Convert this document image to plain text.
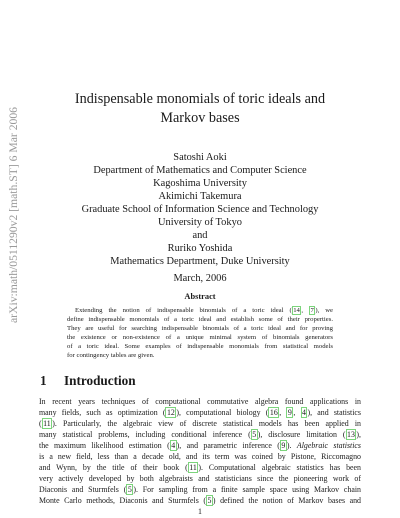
arXiv:math/0511290v2 [math.ST] 6 Mar 2006
Indispensable monomials of toric ideals and
Markov bases
Satoshi Aoki
Department of Mathematics and Computer Science
Kagoshima University
Akimichi Takemura
Graduate School of Information Science and Technology
University of Tokyo
and
Ruriko Yoshida
Mathematics Department, Duke University
March, 2006
Abstract
Extending the notion of indispensable binomials of a toric ideal ( 14 , 7 ), we
define indispensable monomials of a toric ideal and establish some of their properties.
They are useful for searching indispensable binomials of a toric ideal and for proving
the existence or non-existence of a unique minimal system of binomials generators
of a toric ideal. Some examples of indispensable monomials from statistical models
for contingency tables are given.
1 Introduction
In recent years techniques of computational commutative algebra found applications in
many fields, such as optimization ( 12 ), computational biology ( 16 , 9 , 4 ), and statistics
( 11 ). Particularly, the algebraic view of discrete statistical models has been applied in
many statistical problems, including conditional inference ( 5 ), disclosure limitation ( 13 ),
the maximum likelihood estimation ( 4 ), and parametric inference ( 9 ). Algebraic statistics
is a new field, less than a decade old, and its term was coined by Pistone, Riccomagno
and Wynn, by the title of their book ( 11 ). Computational algebraic statistics has been
very actively developed by both algebraists and statisticians since the pioneering work of
Diaconis and Sturmfels ( 5 ). For sampling from a finite sample space using Markov chain
Monte Carlo methods, Diaconis and Sturmfels ( 5 ) defined the notion of Markov bases and
1
